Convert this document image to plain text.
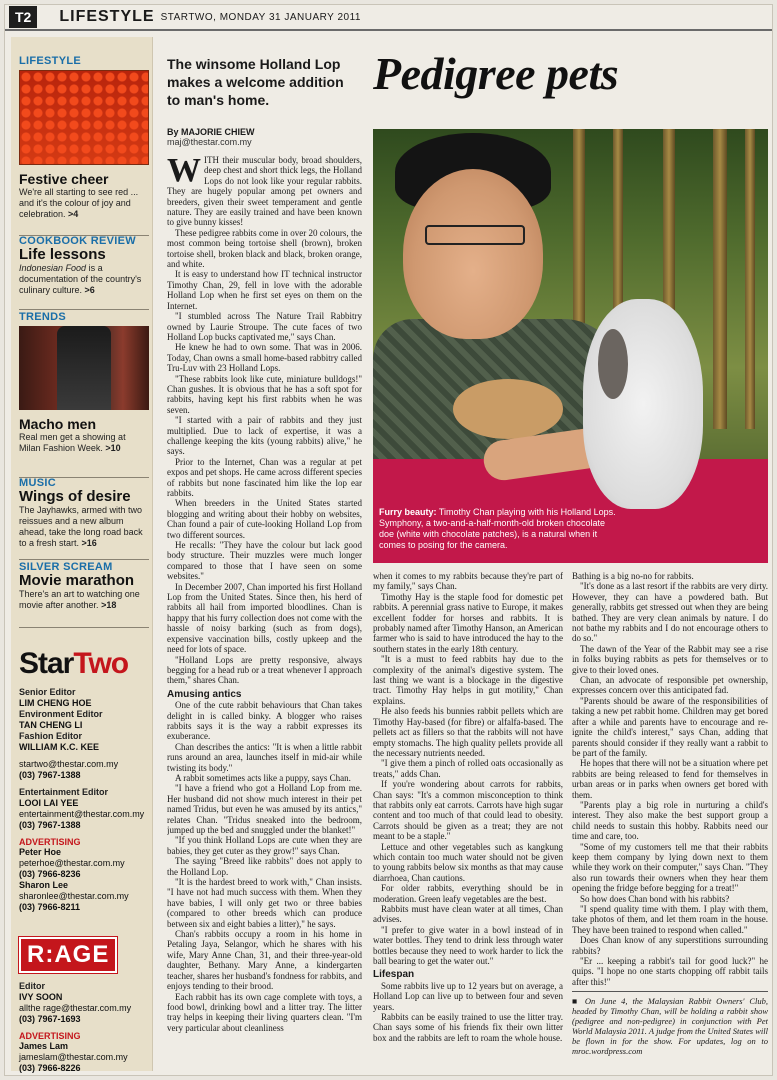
T2	LIFESTYLE STARTWO, MONDAY 31 JANUARY 2011
LIFESTYLE
Festive cheer
We're all starting to see red ... and it's the colour of joy and celebration. >4
COOKBOOK REVIEW
Life lessons
Indonesian Food is a documentation of the country's culinary culture. >6
TRENDS
Macho men
Real men get a showing at Milan Fashion Week. >10
MUSIC
Wings of desire
The Jayhawks, armed with two reissues and a new album ahead, take the long road back to a fresh start. >16
SILVER SCREAM
Movie marathon
There's an art to watching one movie after another. >18
StarTwo
Senior Editor
LIM CHENG HOE
Environment Editor
TAN CHENG LI
Fashion Editor
WILLIAM K.C. KEE
startwo@thestar.com.my
(03) 7967-1388
Entertainment Editor
LOOI LAI YEE
entertainment@thestar.com.my
(03) 7967-1388
ADVERTISING
Peter Hoe
peterhoe@thestar.com.my
(03) 7966-8236
Sharon Lee
sharonlee@thestar.com.my
(03) 7966-8211
R:AGE
Editor
IVY SOON
allthe rage@thestar.com.my
(03) 7967-1693
ADVERTISING
James Lam
jameslam@thestar.com.my
(03) 7966-8226
The winsome Holland Lop makes a welcome addition to man's home.
Pedigree pets
By MAJORIE CHIEW
maj@thestar.com.my
Furry beauty: Timothy Chan playing with his Holland Lops. Symphony, a two-and-a-half-month-old broken chocolate doe (white with chocolate patches), is a natural when it comes to posing for the camera.

WITH their muscular body, broad shoulders, deep chest and short thick legs, the Holland Lops do not look like your regular rabbits. They are hugely popular among pet owners and breeders, given their sweet temperament and gentle nature. They are easily trained and have been known to give bunny kisses!

These pedigree rabbits come in over 20 colours, the most common being tortoise shell (brown), broken tortoise shell, broken black and black, broken orange, and white.

It is easy to understand how IT technical instructor Timothy Chan, 29, fell in love with the adorable Holland Lop when he first set eyes on them on the Internet.

"I stumbled across The Nature Trail Rabbitry owned by Laurie Stroupe. The cute faces of two Holland Lop bucks captivated me," says Chan.

He knew he had to own some. That was in 2006. Today, Chan owns a small home-based rabbitry called Tru-Luv with 23 Holland Lops.

"These rabbits look like cute, miniature bulldogs!" Chan gushes. It is obvious that he has a soft spot for rabbits, having kept his first rabbits when he was seven.

"I started with a pair of rabbits and they just multiplied. Due to lack of expertise, it was a challenge keeping the kits (young rabbits) alive," he says.

Prior to the Internet, Chan was a regular at pet expos and pet shops. He came across different species of rabbits but none fascinated him like the lop ear rabbits.

When breeders in the United States started blogging and writing about their hobby on websites, Chan found a pair of cute-looking Holland Lop from two different sources.

He recalls: "They have the colour but lack good body structure. Their muzzles were much longer compared to those that I have seen on some websites."

In December 2007, Chan imported his first Holland Lop from the United States. Since then, his herd of rabbits all hail from imported bloodlines. Chan is happy that his furry collection does not come with the hassle of noisy barking (such as from dogs), expensive vaccination bills, costly upkeep and the need for lots of space.

"Holland Lops are pretty responsive, always begging for a head rub or a treat whenever I approach them," shares Chan.

Amusing antics

One of the cute rabbit behaviours that Chan takes delight in is called binky. A blogger who raises rabbits says it is the way a rabbit expresses its exuberance.

Chan describes the antics: "It is when a little rabbit runs around an area, launches itself in mid-air while twisting its body."

A rabbit sometimes acts like a puppy, says Chan.

"I have a friend who got a Holland Lop from me. Her husband did not show much interest in their pet named Tridus, but even he was amused by its antics," relates Chan. "Tridus sneaked into the bedroom, jumped up the bed and snuggled under the blanket!"

"If you think Holland Lops are cute when they are babies, they get cuter as they grow!" says Chan.

The saying "Breed like rabbits" does not apply to the Holland Lop.

"It is the hardest breed to work with," Chan insists. "I have not had much success with them. When they have babies, I will only get two or three babies (compared to other breeds which can produce between six and eight babies a litter)," he says.

Chan's rabbits occupy a room in his home in Petaling Jaya, Selangor, which he shares with his wife, Mary Anne Chan, 31, and their three-year-old daughter, Bethany. Mary Anne, a kindergarten teacher, shares her husband's fondness for rabbits, and enjoys tending to their brood.

Each rabbit has its own cage complete with toys, a food bowl, drinking bowl and a litter tray. The litter tray helps in keeping their living quarters clean. "I'm very particular about cleanliness

when it comes to my rabbits because they're part of my family," says Chan.

Timothy Hay is the staple food for domestic pet rabbits. A perennial grass native to Europe, it makes excellent fodder for horses and rabbits. It is probably named after Timothy Hanson, an American farmer who is said to have introduced the hay to the southern states in the early 18th century.

"It is a must to feed rabbits hay due to the complexity of the animal's digestive system. The last thing we want is a blockage in the digestive tract. Timothy Hay helps in gut motility," Chan explains.

He also feeds his bunnies rabbit pellets which are Timothy Hay-based (for fibre) or alfalfa-based. The pellets act as fillers so that the rabbits will not have empty stomachs. The high quality pellets provide all the necessary nutrients needed.

"I give them a pinch of rolled oats occasionally as treats," adds Chan.

If you're wondering about carrots for rabbits, Chan says: "It's a common misconception to think that rabbits only eat carrots. Carrots have high sugar content and too much of that could lead to obesity. Carrots should be given as a treat; they are not meant to be a staple."

Lettuce and other vegetables such as kangkung which contain too much water should not be given to young rabbits below six months as that may cause diarrhoea, Chan cautions.

For older rabbits, everything should be in moderation. Green leafy vegetables are the best.

Rabbits must have clean water at all times, Chan advises.

"I prefer to give water in a bowl instead of in water bottles. They tend to drink less through water bottles because they need to work harder to lick the ball bearing to get the water out."

Lifespan

Some rabbits live up to 12 years but on average, a Holland Lop can live up to between four and seven years.

Rabbits can be easily trained to use the litter tray. Chan says some of his friends fix their own litter box and the rabbits are left to roam the whole house.

Bathing is a big no-no for rabbits.

"It's done as a last resort if the rabbits are very dirty. However, they can have a powdered bath. But generally, rabbits get stressed out when they are being bathed. They are very clean animals by nature. I do not bathe my rabbits and I do not encourage others to do so."

The dawn of the Year of the Rabbit may see a rise in folks buying rabbits as pets for themselves or to give to their loved ones.

Chan, an advocate of responsible pet ownership, expresses concern over this anticipated fad.

"Parents should be aware of the responsibilities of taking a new pet rabbit home. Children may get bored after a while and parents have to encourage and re-ignite the child's interest," says Chan, adding that parents should consider if they really want a rabbit to be part of the family.

He hopes that there will not be a situation where pet rabbits are being released to fend for themselves in urban areas or in parks when owners get bored with them.

"Parents play a big role in nurturing a child's interest. They also make the best support group a child needs to sustain this hobby. Rabbits need our time and care, too.

"Some of my customers tell me that their rabbits keep them company by lying down next to them while they work on their computer," says Chan. "They also run towards their owners when they hear them opening the fridge before begging for a treat!"

So how does Chan bond with his rabbits?

"I spend quality time with them. I play with them, take photos of them, and let them roam in the house. They have been trained to respond when called."

Does Chan know of any superstitions surrounding rabbits?

"Er ... keeping a rabbit's tail for good luck?" he quips. "I hope no one starts chopping off rabbit tails after this!"

■ On June 4, the Malaysian Rabbit Owners' Club, headed by Timothy Chan, will be holding a rabbit show (pedigree and non-pedigree) in conjunction with Pet World Malaysia 2011. A judge from the United States will be flown in for the show. For updates, log on to mroc.wordpress.com
